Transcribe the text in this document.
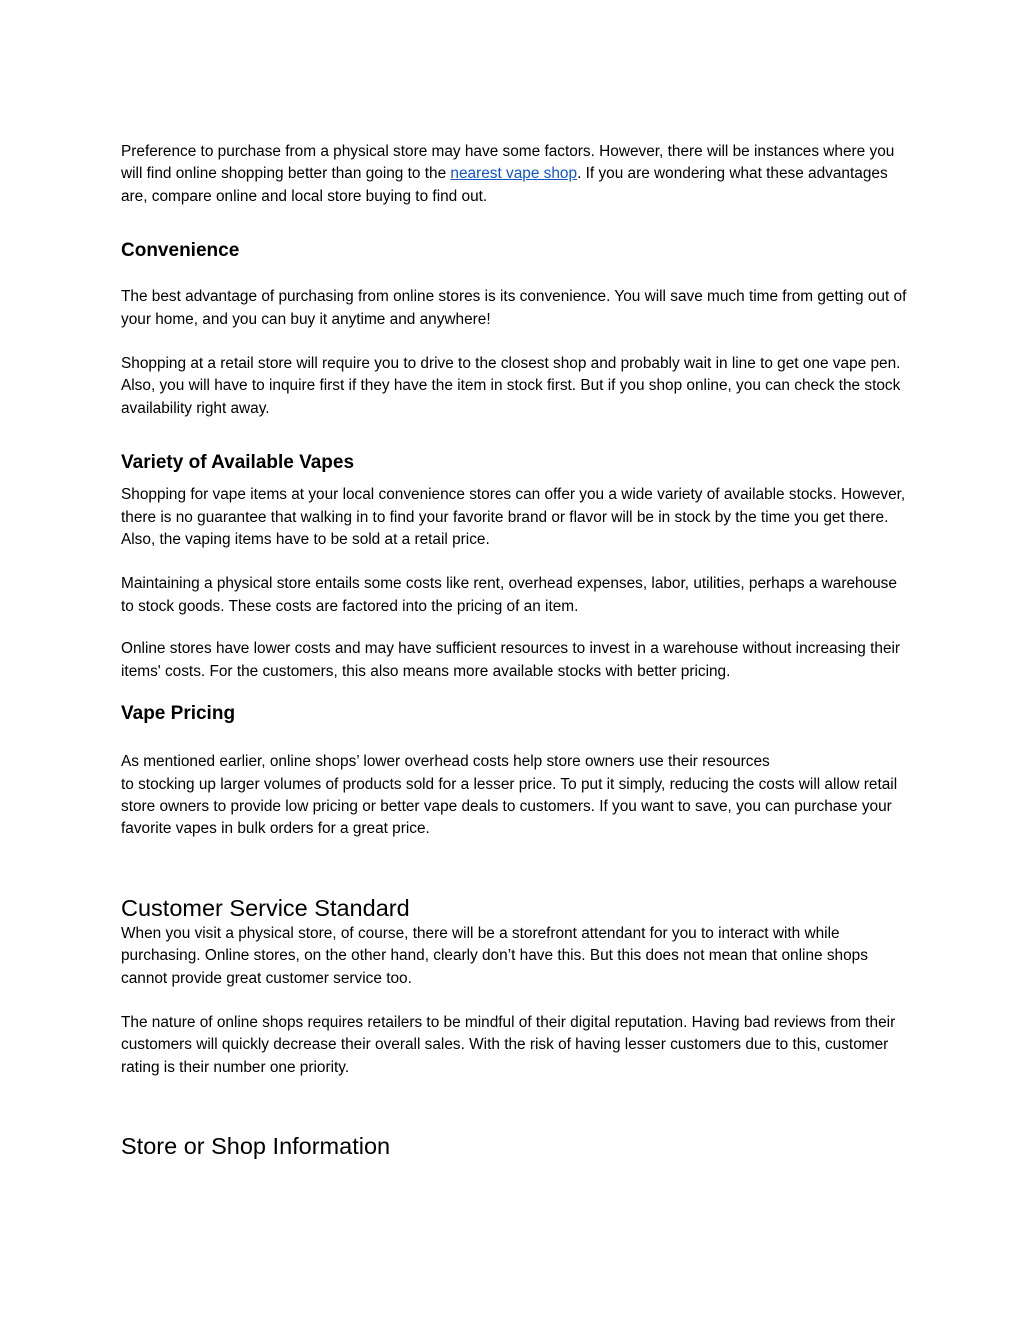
Preference to purchase from a physical store may have some factors. However, there will be instances where you will find online shopping better than going to the nearest vape shop. If you are wondering what these advantages are, compare online and local store buying to find out.

Convenience

The best advantage of purchasing from online stores is its convenience. You will save much time from getting out of your home, and you can buy it anytime and anywhere!

Shopping at a retail store will require you to drive to the closest shop and probably wait in line to get one vape pen. Also, you will have to inquire first if they have the item in stock first. But if you shop online, you can check the stock availability right away.

Variety of Available Vapes

Shopping for vape items at your local convenience stores can offer you a wide variety of available stocks. However, there is no guarantee that walking in to find your favorite brand or flavor will be in stock by the time you get there. Also, the vaping items have to be sold at a retail price.

Maintaining a physical store entails some costs like rent, overhead expenses, labor, utilities, perhaps a warehouse to stock goods. These costs are factored into the pricing of an item.

Online stores have lower costs and may have sufficient resources to invest in a warehouse without increasing their items' costs. For the customers, this also means more available stocks with better pricing.

Vape Pricing

As mentioned earlier, online shops’ lower overhead costs help store owners use their resources
to stocking up larger volumes of products sold for a lesser price. To put it simply, reducing the costs will allow retail store owners to provide low pricing or better vape deals to customers. If you want to save, you can purchase your favorite vapes in bulk orders for a great price.

Customer Service Standard

When you visit a physical store, of course, there will be a storefront attendant for you to interact with while purchasing. Online stores, on the other hand, clearly don’t have this. But this does not mean that online shops cannot provide great customer service too.

The nature of online shops requires retailers to be mindful of their digital reputation. Having bad reviews from their customers will quickly decrease their overall sales. With the risk of having lesser customers due to this, customer rating is their number one priority.

Store or Shop Information
